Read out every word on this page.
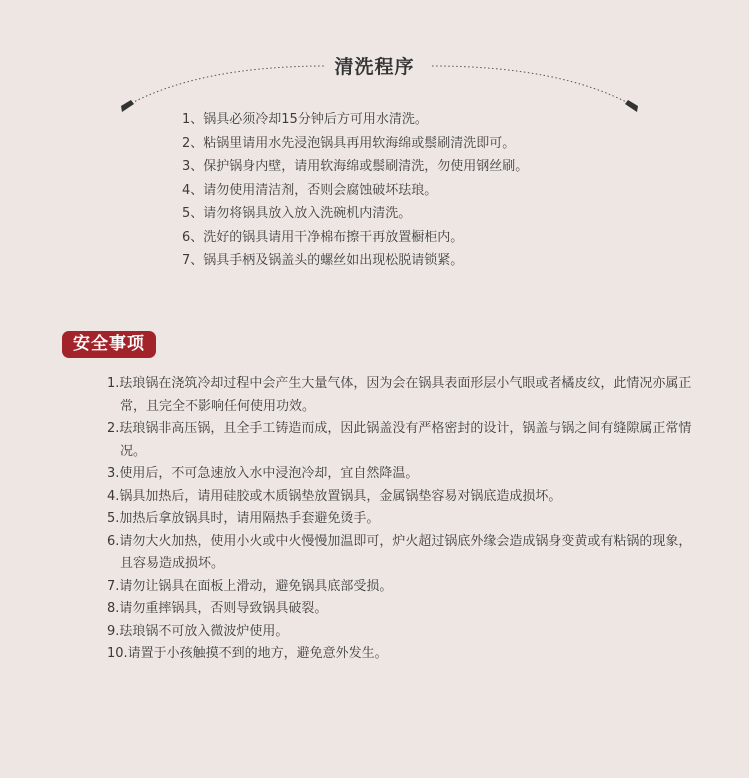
清洗程序
1、锅具必须冷却15分钟后方可用水清洗。
2、粘锅里请用水先浸泡锅具再用软海绵或鬃刷清洗即可。
3、保护锅身内壁，请用软海绵或鬃刷清洗，勿使用钢丝刷。
4、请勿使用清洁剂，否则会腐蚀破坏珐琅。
5、请勿将锅具放入放入洗碗机内清洗。
6、洗好的锅具请用干净棉布擦干再放置橱柜内。
7、锅具手柄及锅盖头的螺丝如出现松脱请锁紧。
安全事项
1.珐琅锅在浇筑冷却过程中会产生大量气体，因为会在锅具表面形层小气眼或者橘皮纹，此情况亦属正常，且完全不影响任何使用功效。
2.珐琅锅非高压锅，且全手工铸造而成，因此锅盖没有严格密封的设计，锅盖与锅之间有缝隙属正常情况。
3.使用后，不可急速放入水中浸泡冷却，宜自然降温。
4.锅具加热后，请用硅胶或木质锅垫放置锅具，金属锅垫容易对锅底造成损坏。
5.加热后拿放锅具时，请用隔热手套避免烫手。
6.请勿大火加热，使用小火或中火慢慢加温即可，炉火超过锅底外缘会造成锅身变黄或有粘锅的现象，且容易造成损坏。
7.请勿让锅具在面板上滑动，避免锅具底部受损。
8.请勿重摔锅具，否则导致锅具破裂。
9.珐琅锅不可放入微波炉使用。
10.请置于小孩触摸不到的地方，避免意外发生。
